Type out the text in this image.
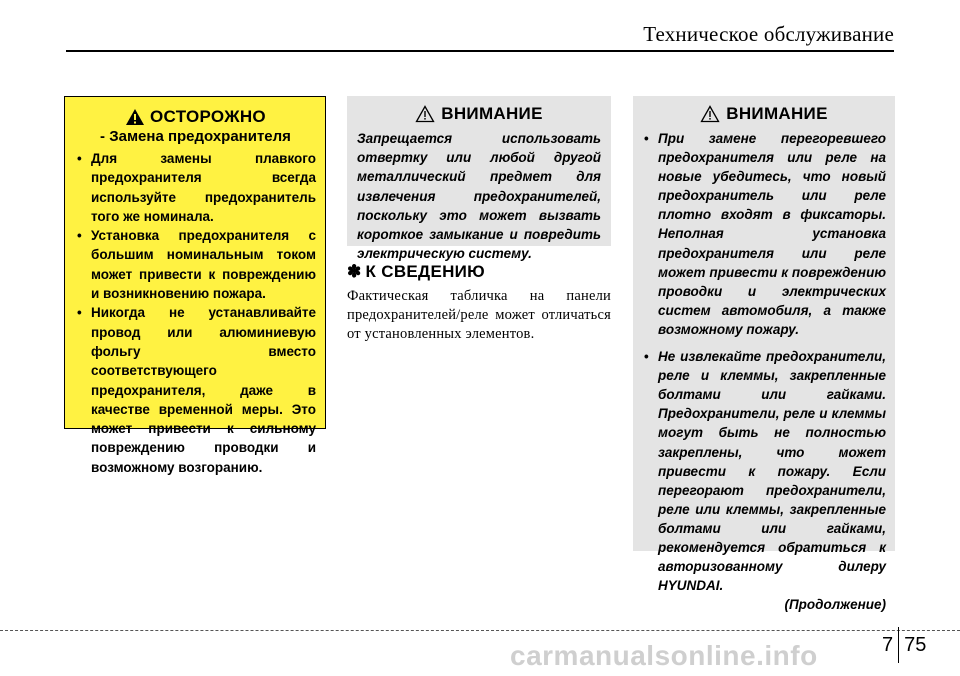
Техническое обслуживание
ОСТОРОЖНО
- Замена предохранителя
• Для замены плавкого предохранителя всегда используйте предохранитель того же номинала.
• Установка предохранителя с большим номинальным током может привести к повреждению и возникновению пожара.
• Никогда не устанавливайте провод или алюминиевую фольгу вместо соответствующего предохранителя, даже в качестве временной меры. Это может привести к сильному повреждению проводки и возможному возгоранию.
ВНИМАНИЕ

Запрещается использовать отвертку или любой другой металлический предмет для извлечения предохранителей, поскольку это может вызвать короткое замыкание и повредить электрическую систему.

✽ К СВЕДЕНИЮ
Фактическая табличка на панели предохранителей/реле может отличаться от установленных элементов.
ВНИМАНИЕ
• При замене перегоревшего предохранителя или реле на новые убедитесь, что новый предохранитель или реле плотно входят в фиксаторы. Неполная установка предохранителя или реле может привести к повреждению проводки и электрических систем автомобиля, а также возможному пожару.
• Не извлекайте предохранители, реле и клеммы, закрепленные болтами или гайками. Предохранители, реле и клеммы могут быть не полностью закреплены, что может привести к пожару. Если перегорают предохранители, реле или клеммы, закрепленные болтами или гайками, рекомендуется обратиться к авторизованному дилеру HYUNDAI.
(Продолжение)
7 75
carmanualsonline.info
